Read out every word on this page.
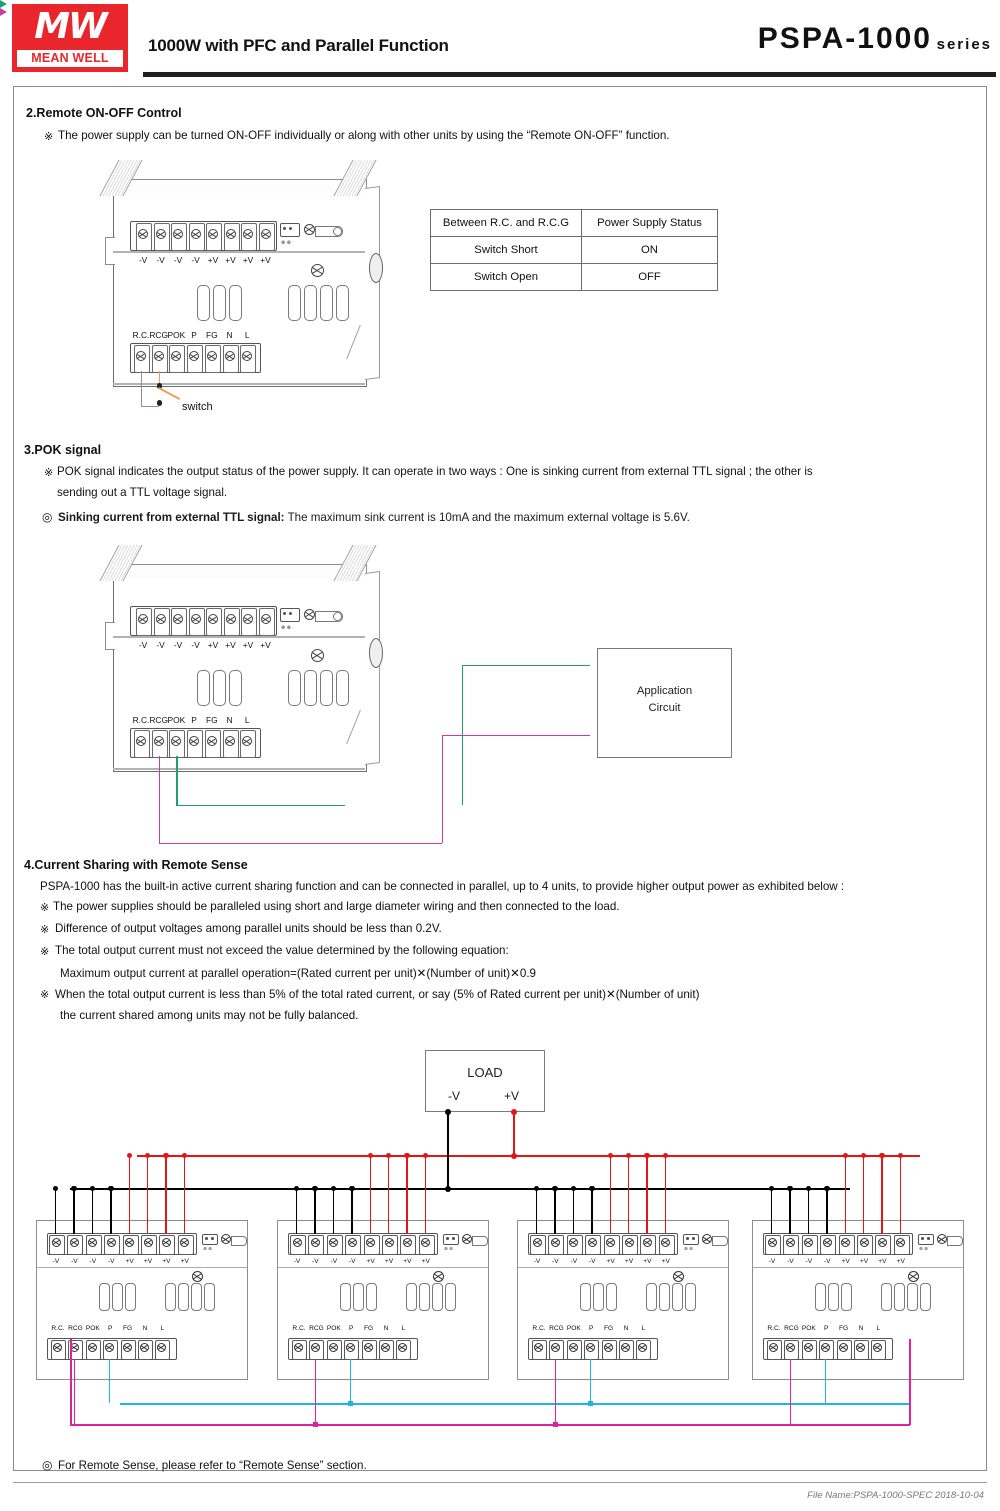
MW
MEAN WELL
1000W with PFC and Parallel Function	PSPA-1000 series
2.Remote ON-OFF Control
※ The power supply can be turned ON-OFF individually or along with other units by using the “Remote ON-OFF” function.
Between R.C. and R.C.G	Power Supply Status
Switch Short	ON
Switch Open	OFF
-V	-V	-V	-V +V +V +V +V
⊗ ⊗
R.C. RCG POK P	FG	N	L
switch
3.POK signal
※ POK signal indicates the output status of the power supply. It can operate in two ways : One is sinking current from external TTL signal ; the other is
sending out a TTL voltage signal.
◎ Sinking current from external TTL signal: The maximum sink current is 10mA and the maximum external voltage is 5.6V.
-V	-V	-V	-V +V +V +V +V
⊗ ⊗
R.C. RCG POK P	FG	N	L
Application
Circuit
4.Current Sharing with Remote Sense
PSPA-1000 has the built-in active current sharing function and can be connected in parallel, up to 4 units, to provide higher output power as exhibited below :
※ The power supplies should be paralleled using short and large diameter wiring and then connected to the load.
※ Difference of output voltages among parallel units should be less than 0.2V.
※ The total output current must not exceed the value determined by the following equation:
Maximum output current at parallel operation=(Rated current per unit)✕(Number of unit)✕0.9
※ When the total output current is less than 5% of the total rated current, or say (5% of Rated current per unit)✕(Number of unit)
the current shared among units may not be fully balanced.
LOAD
-V	+V
-V	-V	-V	-V	+V	+V	+V	+V
⊗ ⊗
R.C. RCG POK	P	FG	N	L
-V	-V	-V	-V	+V	+V	+V	+V
⊗ ⊗
R.C. RCG POK	P	FG	N	L
-V	-V	-V	-V	+V	+V	+V	+V
⊗ ⊗
R.C. RCG POK	P	FG	N	L
-V	-V	-V	-V	+V	+V	+V	+V
⊗ ⊗
R.C. RCG POK	P	FG	N	L
◎ For Remote Sense, please refer to “Remote Sense” section.
File Name:PSPA-1000-SPEC 2018-10-04
